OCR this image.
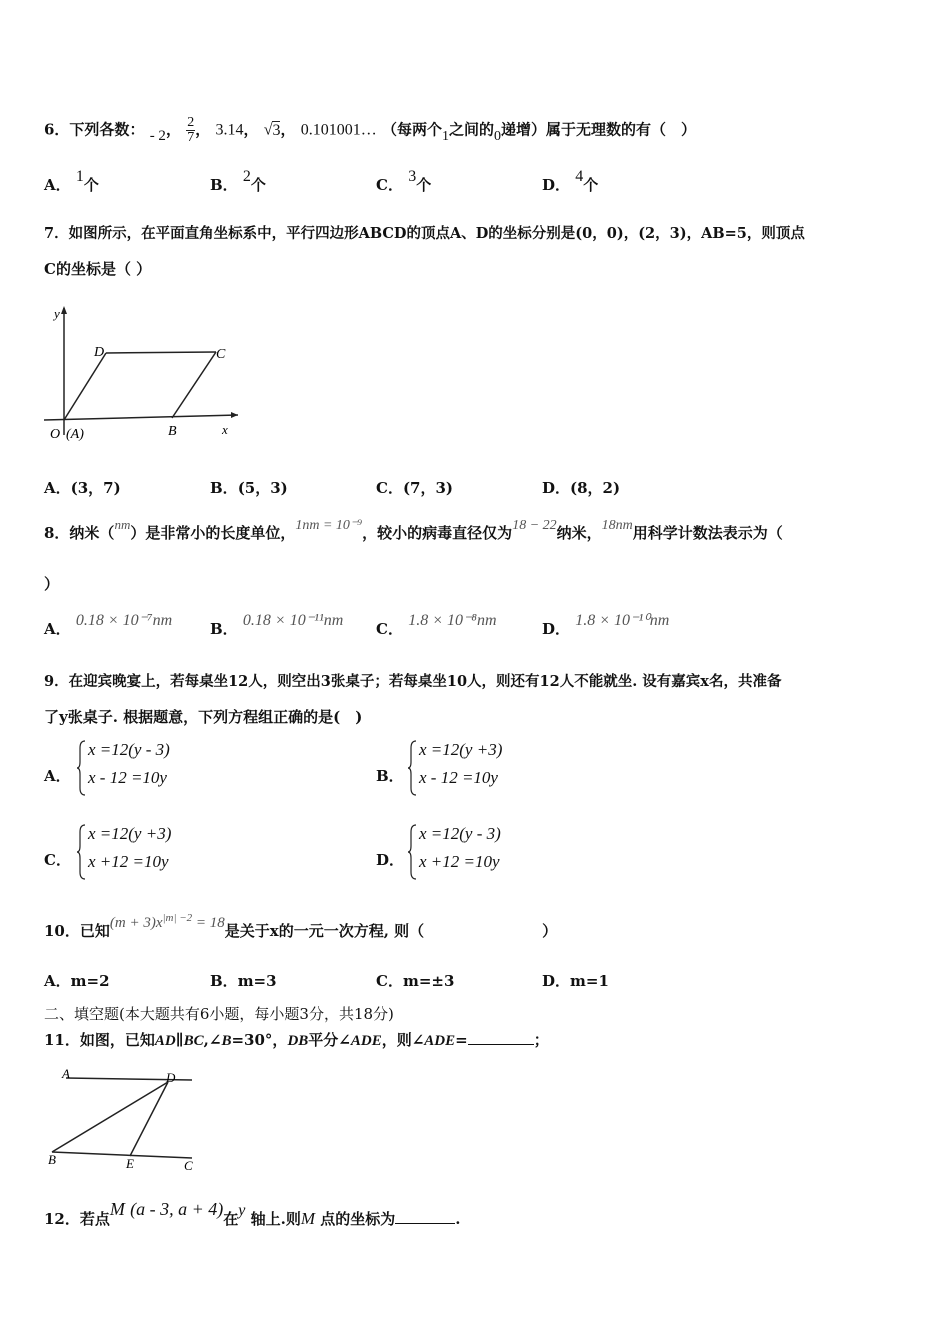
6．下列各数： - 2， $\frac{2}{7}$ ， 3.14， √3， 0.101001… （每两个1之间的0递增）属于无理数的有（　）
A． 1个	B． 2个	C． 3个	D． 4个
7．如图所示，在平面直角坐标系中，平行四边形ABCD的顶点A、D的坐标分别是(0，0)，(2，3)，AB=5，则顶点
C的坐标是（ ）
y
x
D	C
O (A)	B
A．(3，7)	B．(5，3)	C．(7，3)	D．(8，2)
8．纳米（nm）是非常小的长度单位，1nm = 10⁻⁹，较小的病毒直径仅为18 − 22纳米，18nm用科学计数法表示为（
）
A． 0.18 × 10⁻⁷nm	B． 0.18 × 10⁻¹¹nm C． 1.8 × 10⁻⁸nm	D． 1.8 × 10⁻¹⁰nm
9．在迎宾晚宴上，若每桌坐12人，则空出3张桌子；若每桌坐10人，则还有12人不能就坐. 设有嘉宾x名，共准备
了y张桌子. 根据题意，下列方程组正确的是(　)
A．
x =12(y - 3)
x - 12 =10y	B．
x =12(y +3)
x - 12 =10y
C．
x =12(y +3)
x +12 =10y	D．
x =12(y - 3)
x +12 =10y
10．已知$(m + 3)x^{|m| -2} = 18$是关于x的一元一次方程, 则（	）
A．m=2	B．m=3	C．m=±3	D．m=1
二、填空题(本大题共有6小题，每小题3分，共18分)
11．如图，已知AD∥BC,∠B=30°，DB平分∠ADE，则∠ADE=	；
A	D
B	E	C
12．若点M (a - 3, a + 4)在y 轴上.则M 点的坐标为	.
